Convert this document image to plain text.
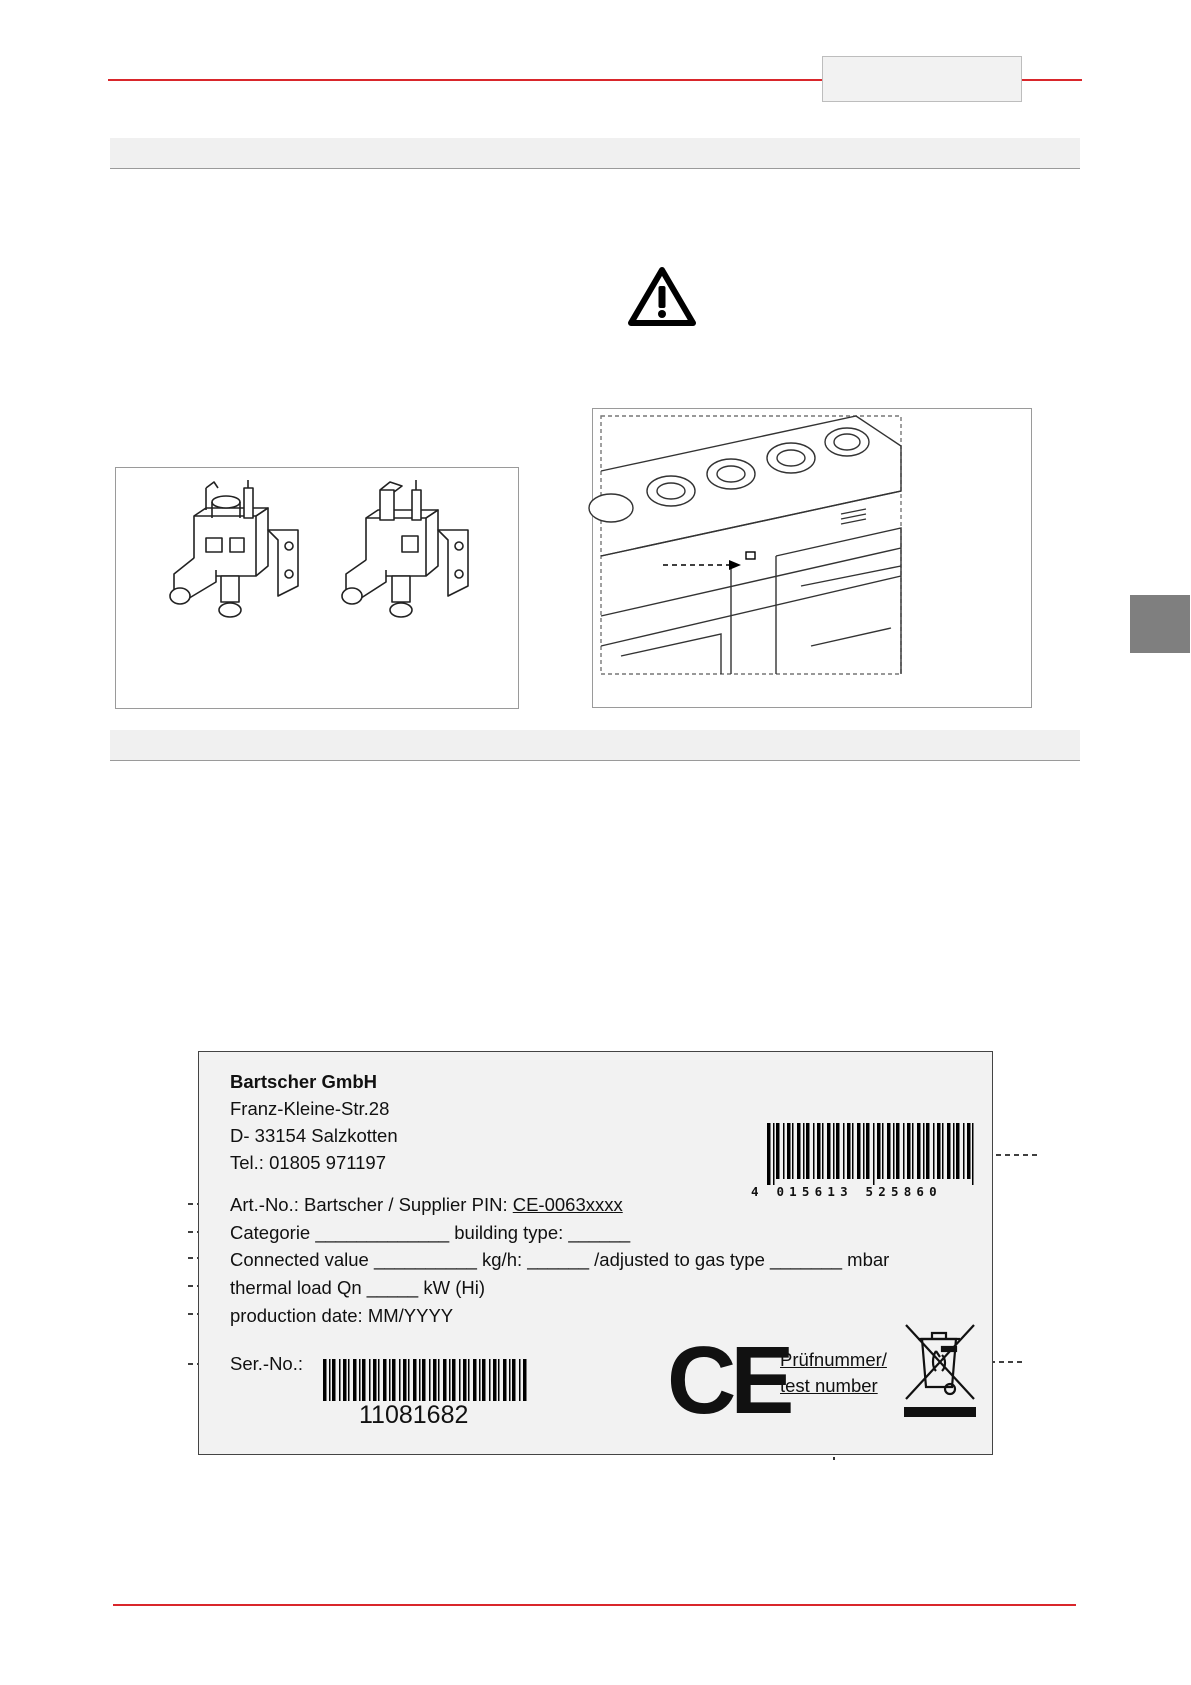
Bartscher GmbH
Franz-Kleine-Str.28
D- 33154 Salzkotten
Tel.: 01805 971197
4 015613 525860
Art.-No.: Bartscher / Supplier PIN: CE-0063xxxx
Categorie _____________ building type: ______
Connected value __________ kg/h: ______ /adjusted to gas type _______ mbar
thermal load Qn _____ kW (Hi)
production date: MM/YYYY
Ser.-No.:
11081682 CE
Prüfnummer/
test number
